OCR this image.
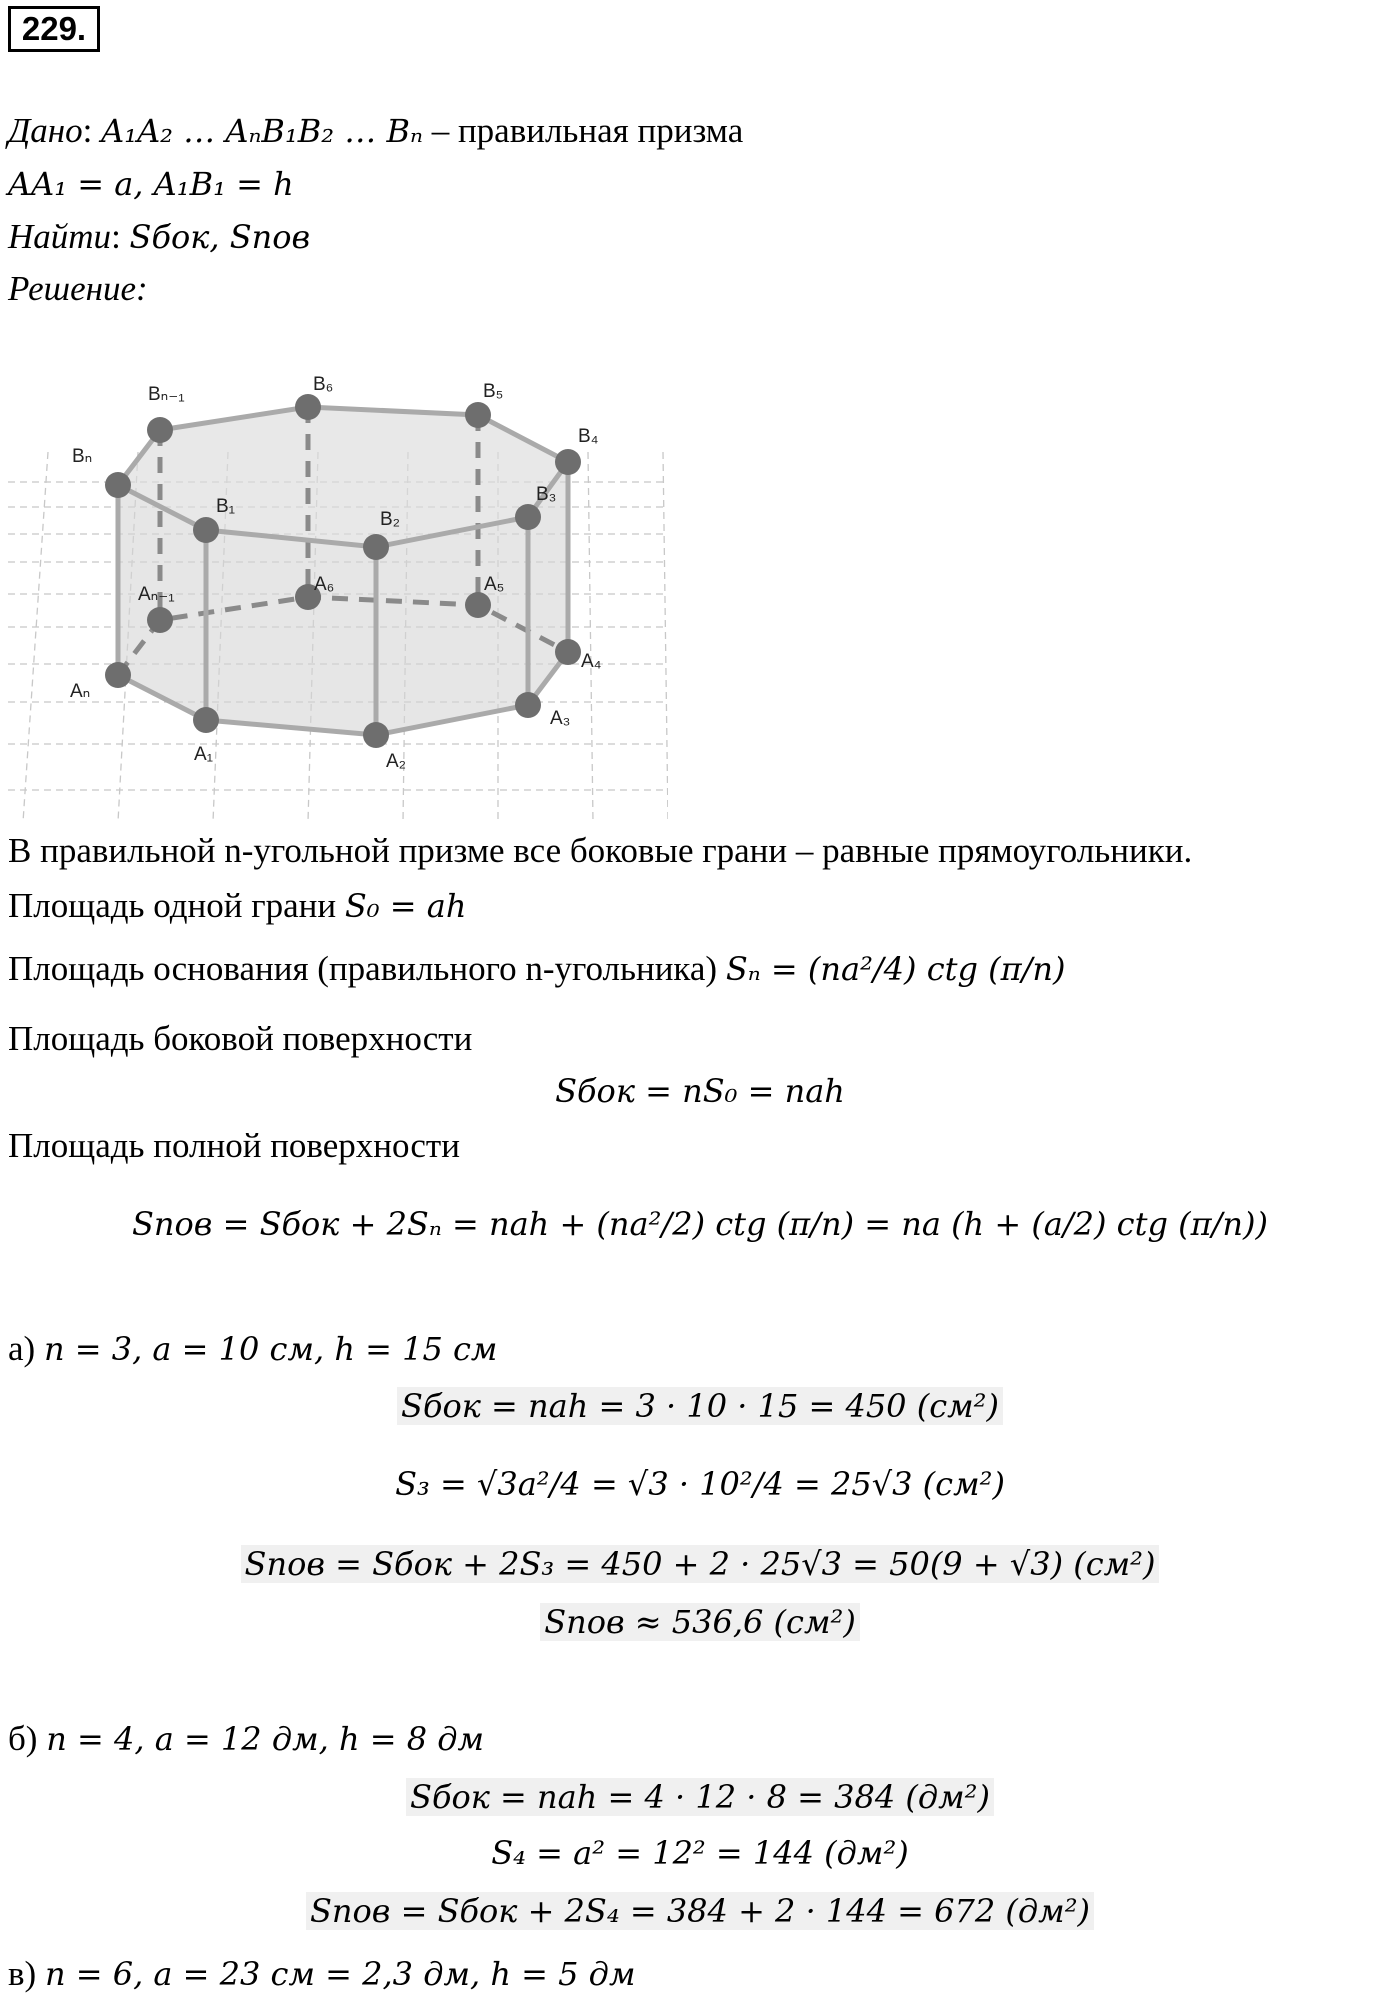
229.
Дано: A₁A₂ … AₙB₁B₂ … Bₙ – правильная призма
AA₁ = a, A₁B₁ = h
Найти: Sбок, Sпов
Решение:
B₆	B₅
B₄
B₃
B₂
B₁
Bₙ
Bₙ₋₁
A₆	A₅
A₄
A₃
A₂
A₁
Aₙ
Aₙ₋₁
В правильной n-угольной призме все боковые грани – равные прямоугольники.
Площадь одной грани S₀ = ah
Площадь основания (правильного n-угольника) Sₙ = (na²/4) ctg (π/n)
Площадь боковой поверхности
Sбок = nS₀ = nah
Площадь полной поверхности
Sпов = Sбок + 2Sₙ = nah + (na²/2) ctg (π/n) = na (h + (a/2) ctg (π/n))
а) n = 3, a = 10 см, h = 15 см
Sбок = nah = 3 · 10 · 15 = 450 (см²)
S₃ = √3a²/4 = √3 · 10²/4 = 25√3 (см²)
Sпов = Sбок + 2S₃ = 450 + 2 · 25√3 = 50(9 + √3) (см²)
Sпов ≈ 536,6 (см²)
б) n = 4, a = 12 дм, h = 8 дм
Sбок = nah = 4 · 12 · 8 = 384 (дм²)
S₄ = a² = 12² = 144 (дм²)
Sпов = Sбок + 2S₄ = 384 + 2 · 144 = 672 (дм²)
в) n = 6, a = 23 см = 2,3 дм, h = 5 дм
